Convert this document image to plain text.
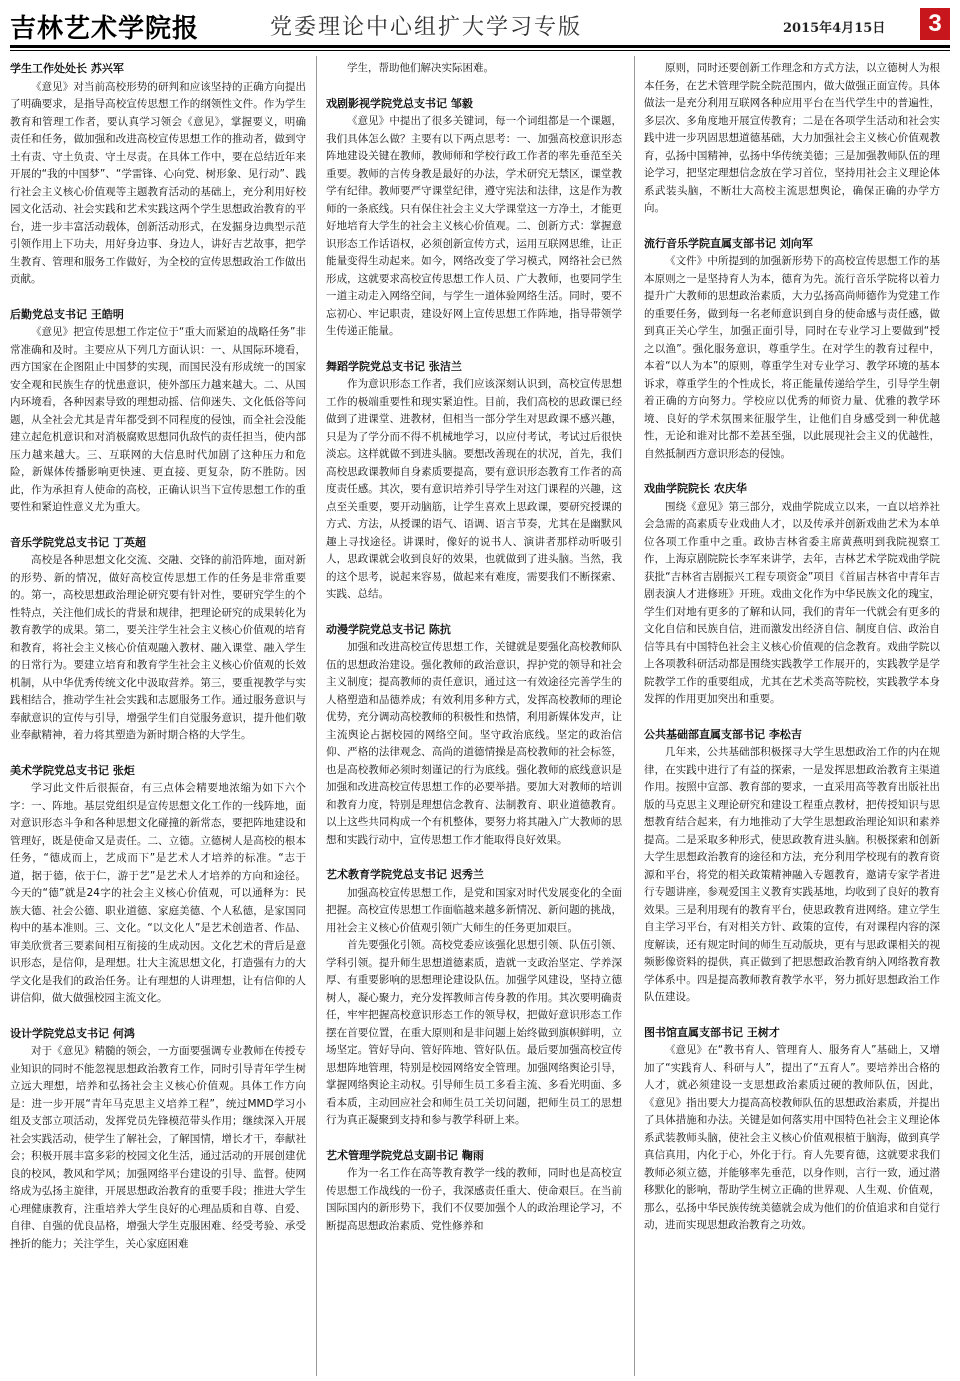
吉林艺术学院报	党委理论中心组扩大学习专版	2015年4月15日	3
学生工作处处长 苏兴军

《意见》对当前高校形势的研判和应该坚持的正确方向提出了明确要求，是指导高校宣传思想工作的纲领性文件。作为学生教育和管理工作者，要认真学习领会《意见》，掌握要义，明确责任和任务，做加强和改进高校宣传思想工作的推动者，做到守土有责、守土负责、守土尽责。在具体工作中，要在总结近年来开展的“我的中国梦”、“学雷锋、心向党、树形象、见行动”、践行社会主义核心价值观等主题教育活动的基础上，充分利用好校园文化活动、社会实践和艺术实践这两个学生思想政治教育的平台，进一步丰富活动载体，创新活动形式，在发掘身边典型示范引领作用上下功夫，用好身边事、身边人，讲好吉艺故事，把学生教育、管理和服务工作做好，为全校的宣传思想政治工作做出贡献。

后勤党总支书记 王皓明

《意见》把宣传思想工作定位于“重大而紧迫的战略任务”非常准确和及时。主要应从下列几方面认识：一、从国际环境看，西方国家在企图阻止中国梦的实现，而国民没有形成统一的国家安全观和民族生存的忧患意识，使外部压力越来越大。二、从国内环境看，各种因素导致的理想动摇、信仰迷失、文化低俗等问题，从全社会尤其是青年都受到不同程度的侵蚀，而全社会没能建立起危机意识和对消极腐败思想同仇敌忾的责任担当，使内部压力越来越大。三、互联网的大信息时代加剧了这种压力和危险，新媒体传播影响更快速、更直接、更复杂，防不胜防。因此，作为承担育人使命的高校，正确认识当下宣传思想工作的重要性和紧迫性意义尤为重大。

音乐学院党总支书记 丁英超

高校是各种思想文化交流、交融、交锋的前沿阵地，面对新的形势、新的情况，做好高校宣传思想工作的任务是非常重要的。第一，高校思想政治理论研究要有针对性，要研究学生的个性特点，关注他们成长的背景和规律，把理论研究的成果转化为教育教学的成果。第二，要关注学生社会主义核心价值观的培育和教育，将社会主义核心价值观融入教材、融入课堂、融入学生的日常行为。要建立培育和教育学生社会主义核心价值观的长效机制，从中华优秀传统文化中汲取营养。第三，要重视教学与实践相结合，推动学生社会实践和志愿服务工作。通过服务意识与奉献意识的宣传与引导，增强学生们自觉服务意识，提升他们敬业奉献精神，着力将其塑造为新时期合格的大学生。

美术学院党总支书记 张炬

学习此文件后很振奋，有三点体会精要地浓缩为如下六个字：一、阵地。基层党组织是宣传思想文化工作的一线阵地，面对意识形态斗争和各种思想文化碰撞的新常态，要把阵地建设和管理好，既是使命又是责任。二、立德。立德树人是高校的根本任务，“德成而上，艺成而下”是艺术人才培养的标准。“志于道，据于德，依于仁，游于艺”是艺术人才培养的方向和途径。今天的“德”就是24字的社会主义核心价值观，可以通释为：民族大德、社会公德、职业道德、家庭美德、个人私德，是家国同构中的基本准则。三、文化。“以文化人”是艺术创造者、作品、审美欣赏者三要素间相互衔接的生成动因。文化艺术的背后是意识形态，是信仰，是理想。壮大主流思想文化，打造强有力的大学文化是我们的政治任务。让有理想的人讲理想，让有信仰的人讲信仰，做大做强校园主流文化。

设计学院党总支书记 何鸿

对于《意见》精髓的领会，一方面要强调专业教师在传授专业知识的同时不能忽视思想政治教育工作，同时引导青年学生树立远大理想，培养和弘扬社会主义核心价值观。具体工作方向是：进一步开展“青年马克思主义培养工程”，统过MMD学习小组及支部立项活动，发挥党员先锋模范带头作用；继续深入开展社会实践活动，使学生了解社会，了解国情，增长才干，奉献社会；积极开展丰富多彩的校园文化生活，通过活动的开展创建优良的校风，教风和学风；加强网络平台建设的引导、监督。使网络成为弘扬主旋律，开展思想政治教育的重要手段；推进大学生心理健康教育，注重培养大学生良好的心理品质和自尊、自爱、自律、自强的优良品格，增强大学生克服困难、经受考验、承受挫折的能力；关注学生，关心家庭困难

学生，帮助他们解决实际困难。

戏剧影视学院党总支书记 邹毅

《意见》中提出了很多关键词，每一个词组都是一个课题，我们具体怎么做？主要有以下两点思考：一、加强高校意识形态阵地建设关键在教师，教师师和学校行政工作者的率先垂范至关重要。教师的言传身教是最好的办法，学术研究无禁区，课堂教学有纪律。教师要严守课堂纪律，遵守宪法和法律，这是作为教师的一条底线。只有保住社会主义大学课堂这一方净土，才能更好地培育大学生的社会主义核心价值观。二、创新方式：掌握意识形态工作话语权，必须创新宣传方式，运用互联网思维，让正能量变得生动起来。如今，网络改变了学习模式，网络社会已然形成，这就要求高校宣传思想工作人员、广大教师，也要同学生一道主动走入网络空间，与学生一道体验网络生活。同时，要不忘初心、牢记职责，建设好网上宣传思想工作阵地，指导带领学生传递正能量。

舞蹈学院党总支书记 张洁兰

作为意识形态工作者，我们应该深刻认识到，高校宣传思想工作的极端重要性和现实紧迫性。目前，我们高校的思政课已经做到了进课堂、进教材，但相当一部分学生对思政课不感兴趣，只是为了学分而不得不机械地学习，以应付考试，考试过后很快淡忘。这样就做不到进头脑。要想改善现在的状况，首先，我们高校思政课教师自身素质要提高，要有意识形态教育工作者的高度责任感。其次，要有意识培养引导学生对这门课程的兴趣，这点至关重要，要开动脑筋，让学生喜欢上思政课，要研究授课的方式、方法，从授课的语气、语调、语言节奏，尤其在是幽默风趣上寻找途径。讲课时，像好的说书人、演讲者那样动听吸引人，思政课就会收到良好的效果，也就做到了进头脑。当然，我的这个思考，说起来容易，做起来有难度，需要我们不断探索、实践、总结。

动漫学院党总支书记 陈抗

加强和改进高校宣传思想工作，关键就是要强化高校教师队伍的思想政治建设。强化教师的政治意识，捍护党的领导和社会主义制度；提高教师的责任意识，通过这一有效途径完善学生的人格塑造和品德养成；有效利用多种方式，发挥高校教师的理论优势，充分调动高校教师的积极性和热情，利用新媒体发声，让主流舆论占据校园的网络空间。坚守政治底线。坚定的政治信仰、严格的法律观念、高尚的道德情操是高校教师的社会标签，也是高校教师必须时刻谨记的行为底线。强化教师的底线意识是加强和改进高校宣传思想工作的必要举措。要加大对教师的培训和教育力度，特别是理想信念教育、法制教育、职业道德教育。以上这些共同构成一个有机整体，要努力将其融入广大教师的思想和实践行动中，宣传思想工作才能取得良好效果。

艺术教育学院党总支书记 迟秀兰

加强高校宣传思想工作，是党和国家对时代发展变化的全面把握。高校宣传思想工作面临越来越多新情况、新问题的挑战，用社会主义核心价值观引领广大师生的任务更加艰巨。

首先要强化引领。高校党委应该强化思想引领、队伍引领、学科引领。提升师生思想道德素质，造就一支政治坚定、学养深厚、有重要影响的思想理论建设队伍。加强学风建设，坚持立德树人，凝心聚力，充分发挥教师言传身教的作用。其次要明确责任，牢牢把握高校意识形态工作的领导权，把做好意识形态工作摆在首要位置，在重大原则和是非问题上始终做到旗帜鲜明，立场坚定。管好导向、管好阵地、管好队伍。最后要加强高校宣传思想阵地管理，特别是校园网络安全管理。加强网络舆论引导，掌握网络舆论主动权。引导师生员工多看主流、多看光明面、多看本质，主动回应社会和师生员工关切问题，把师生员工的思想行为真正凝聚到支持和参与教学科研上来。

艺术管理学院党总支副书记 鞠雨

作为一名工作在高等教育教学一线的教师，同时也是高校宣传思想工作战线的一份子，我深感责任重大、使命艰巨。在当前国际国内的新形势下，我们不仅要加强个人的政治理论学习，不断提高思想政治素质、党性修养和

原则，同时还要创新工作理念和方式方法，以立德树人为根本任务，在艺术管理学院全院范围内，做大做强正面宣传。具体做法一是充分利用互联网各种应用平台在当代学生中的普遍性，多层次、多角度地开展宣传教育；二是在各项学生活动和社会实践中进一步巩固思想道德基础，大力加强社会主义核心价值观教育，弘扬中国精神，弘扬中华传统美德；三是加强教师队伍的理论学习，把坚定理想信念放在学习首位，坚持用社会主义理论体系武装头脑，不断壮大高校主流思想舆论，确保正确的办学方向。

流行音乐学院直属支部书记 刘向军

《文件》中所提到的加强新形势下的高校宣传思想工作的基本原则之一是坚持育人为本，德育为先。流行音乐学院将以着力提升广大教师的思想政治素质，大力弘扬高尚师德作为党建工作的重要任务，做到每一名老师意识到自身的使命感与责任感，做到真正关心学生，加强正面引导，同时在专业学习上要做到“授之以渔”。强化服务意识，尊重学生。在对学生的教育过程中，本着“以人为本”的原则，尊重学生对专业学习、教学环境的基本诉求，尊重学生的个性成长，将正能量传递给学生，引导学生朝着正确的方向努力。学校应以优秀的师资力量、优雅的教学环境、良好的学术氛围来征服学生，让他们自身感受到一种优越性，无论和谁对比都不差甚至强，以此展现社会主义的优越性，自然抵制西方意识形态的侵蚀。

戏曲学院院长 农庆华

围绕《意见》第三部分，戏曲学院成立以来，一直以培养社会急需的高素质专业戏曲人才，以及传承并创新戏曲艺术为本单位各项工作重中之重。政协吉林省委主席黄燕明到我院视察工作，上海京剧院院长李军来讲学，去年，吉林艺术学院戏曲学院获批“吉林省吉剧振兴工程专项资金”项目《首届吉林省中青年吉剧表演人才进修班》开班。戏曲文化作为中华民族文化的瑰宝，学生们对地有更多的了解和认同，我们的青年一代就会有更多的文化自信和民族自信，进而激发出经济自信、制度自信、政治自信等具有中国特色社会主义核心价值观的信念教育。戏曲学院以上各项教科研活动都是围绕实践教学工作展开的，实践教学是学院教学工作的重要组成，尤其在艺术类高等院校，实践教学本身发挥的作用更加突出和重要。

公共基础部直属支部书记 李松吉

几年来，公共基础部积极探寻大学生思想政治工作的内在规律，在实践中进行了有益的探索，一是发挥思想政治教育主渠道作用。按照中宣部、教育部的要求，一直采用高等教育出版社出版的马克思主义理论研究和建设工程重点教材，把传授知识与思想教育结合起来，有力地推动了大学生思想政治理论知识和素养提高。二是采取多种形式，使思政教育进头脑。积极探索和创新大学生思想政治教育的途径和方法，充分利用学校现有的教育资源和平台，将党的相关政策精神融入专题教育，邀请专家学者进行专题讲座，参观爱国主义教育实践基地，均收到了良好的教育效果。三是利用现有的教育平台，使思政教育进网络。建立学生自主学习平台，有对相关方针、政策的宣传，有对课程内容的深度解读，还有规定时间的师生互动版块，更有与思政课相关的视频影像资料的提供，真正做到了把思想政治教育纳入网络教育教学体系中。四是提高教师教育教学水平，努力抓好思想政治工作队伍建设。

图书馆直属支部书记 王树才

《意见》在“教书育人、管理育人、服务育人”基础上，又增加了“实践育人、科研与人”，提出了“五育人”。要培养出合格的人才，就必须建设一支思想政治素质过硬的教师队伍，因此，《意见》指出要大力提高高校教师队伍的思想政治素质，并提出了具体措施和办法。关键是如何落实用中国特色社会主义理论体系武装教师头脑，使社会主义核心价值观根植于脑海，做到真学真信真用，内化于心，外化于行。育人先要育德，这就要求我们教师必须立德，并能够率先垂范，以身作则，言行一致，通过潜移默化的影响，帮助学生树立正确的世界观、人生观、价值观，那么，弘扬中华民族传统美德就会成为他们的价值追求和自觉行动，进而实现思想政治教育之功效。
